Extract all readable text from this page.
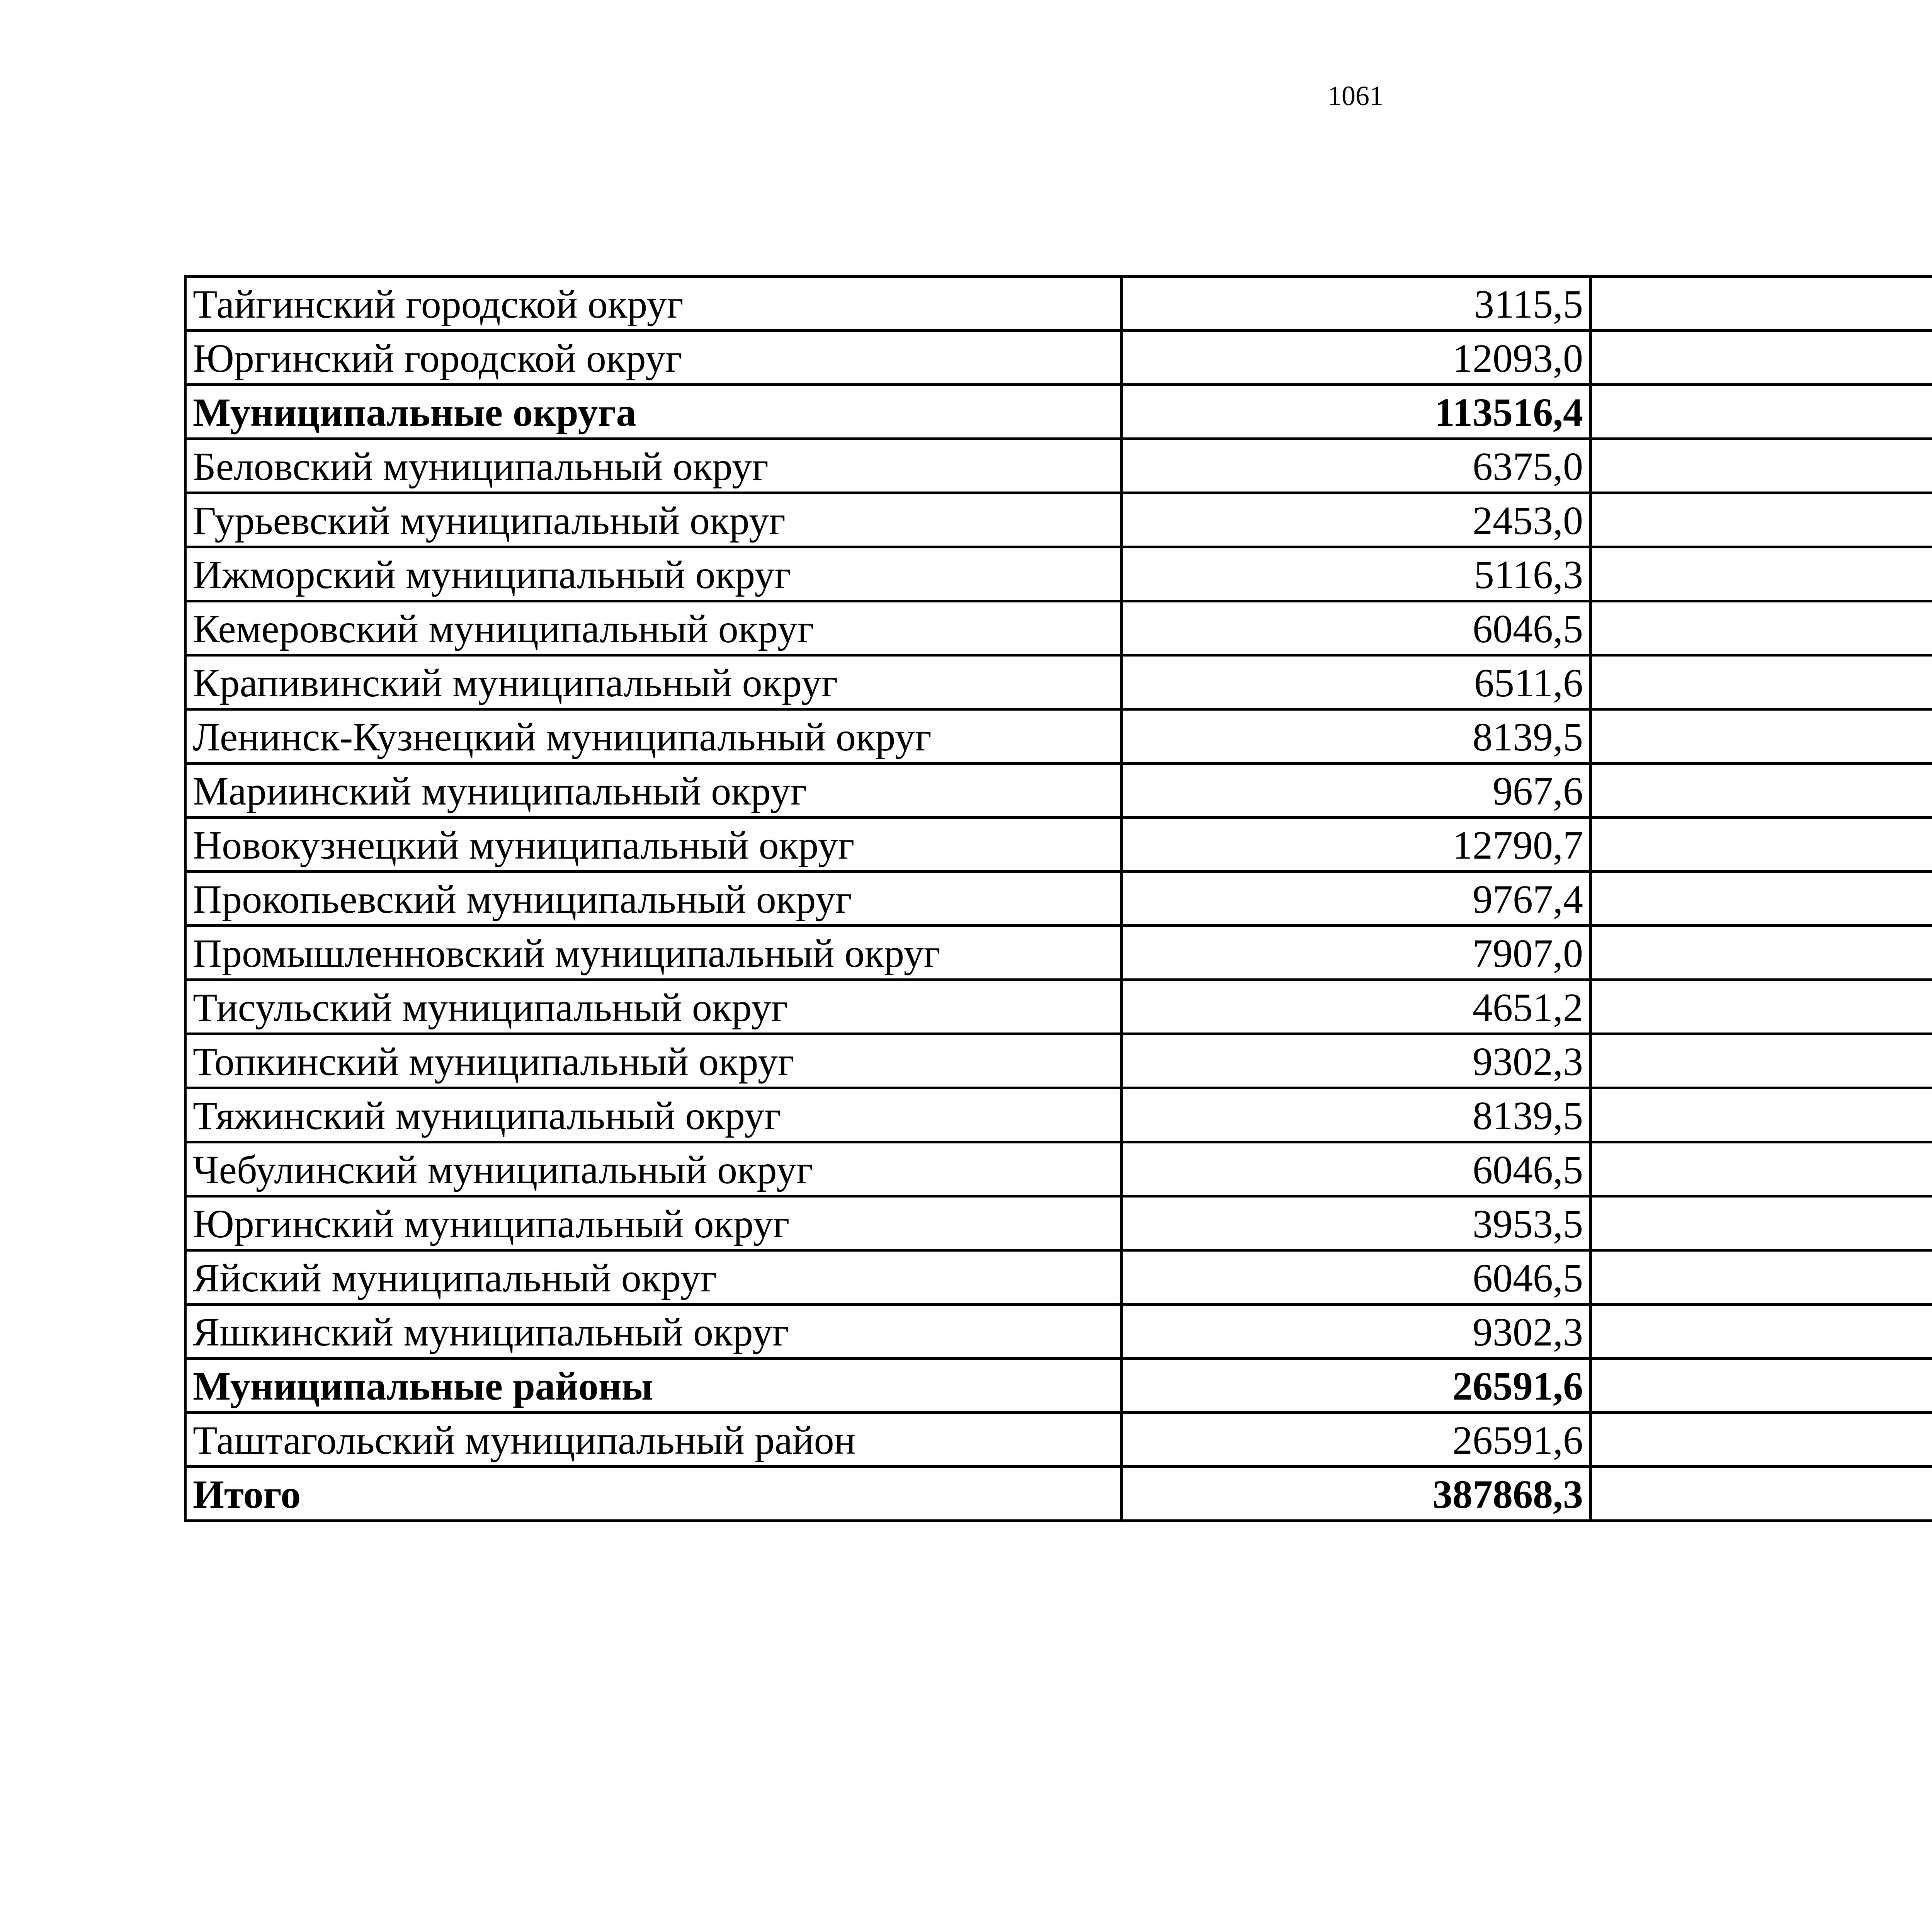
1061
Тайгинский городской округ	3115,5	
Юргинский городской округ	12093,0	
Муниципальные округа	113516,4	
Беловский муниципальный округ	6375,0	
Гурьевский муниципальный округ	2453,0	
Ижморский муниципальный округ	5116,3	
Кемеровский муниципальный округ	6046,5	
Крапивинский муниципальный округ	6511,6	
Ленинск-Кузнецкий муниципальный округ	8139,5	
Мариинский муниципальный округ	967,6	
Новокузнецкий муниципальный округ	12790,7	
Прокопьевский муниципальный округ	9767,4	
Промышленновский муниципальный округ	7907,0	
Тисульский муниципальный округ	4651,2	
Топкинский муниципальный округ	9302,3	
Тяжинский муниципальный округ	8139,5	
Чебулинский муниципальный округ	6046,5	
Юргинский муниципальный округ	3953,5	
Яйский муниципальный округ	6046,5	
Яшкинский муниципальный округ	9302,3	
Муниципальные районы	26591,6	
Таштагольский муниципальный район	26591,6	
Итого	387868,3	
